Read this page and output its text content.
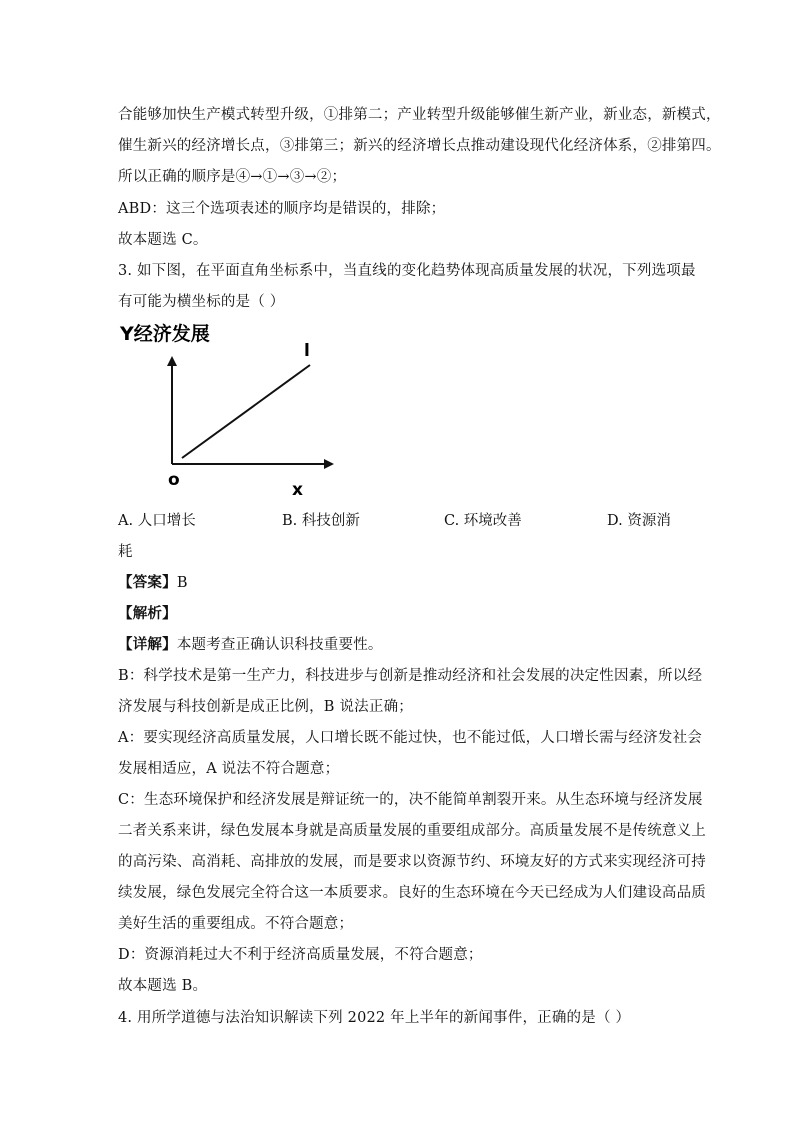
合能够加快生产模式转型升级，①排第二；产业转型升级能够催生新产业，新业态，新模式，
催生新兴的经济增长点，③排第三；新兴的经济增长点推动建设现代化经济体系，②排第四。
所以正确的顺序是④→①→③→②；
ABD：这三个选项表述的顺序均是错误的，排除；
故本题选 C。
3. 如下图，在平面直角坐标系中，当直线的变化趋势体现高质量发展的状况，下列选项最
有可能为横坐标的是（ ）
Y经济发展
l
o	x
A. 人口增长	B. 科技创新	C. 环境改善	D. 资源消
耗
【答案】B
【解析】
【详解】本题考查正确认识科技重要性。
B：科学技术是第一生产力，科技进步与创新是推动经济和社会发展的决定性因素，所以经
济发展与科技创新是成正比例，B 说法正确；
A：要实现经济高质量发展，人口增长既不能过快，也不能过低，人口增长需与经济发社会
发展相适应，A 说法不符合题意；
C：生态环境保护和经济发展是辩证统一的，决不能简单割裂开来。从生态环境与经济发展
二者关系来讲，绿色发展本身就是高质量发展的重要组成部分。高质量发展不是传统意义上
的高污染、高消耗、高排放的发展，而是要求以资源节约、环境友好的方式来实现经济可持
续发展，绿色发展完全符合这一本质要求。良好的生态环境在今天已经成为人们建设高品质
美好生活的重要组成。不符合题意；
D：资源消耗过大不利于经济高质量发展，不符合题意；
故本题选 B。
4. 用所学道德与法治知识解读下列 2022 年上半年的新闻事件，正确的是（ ）
